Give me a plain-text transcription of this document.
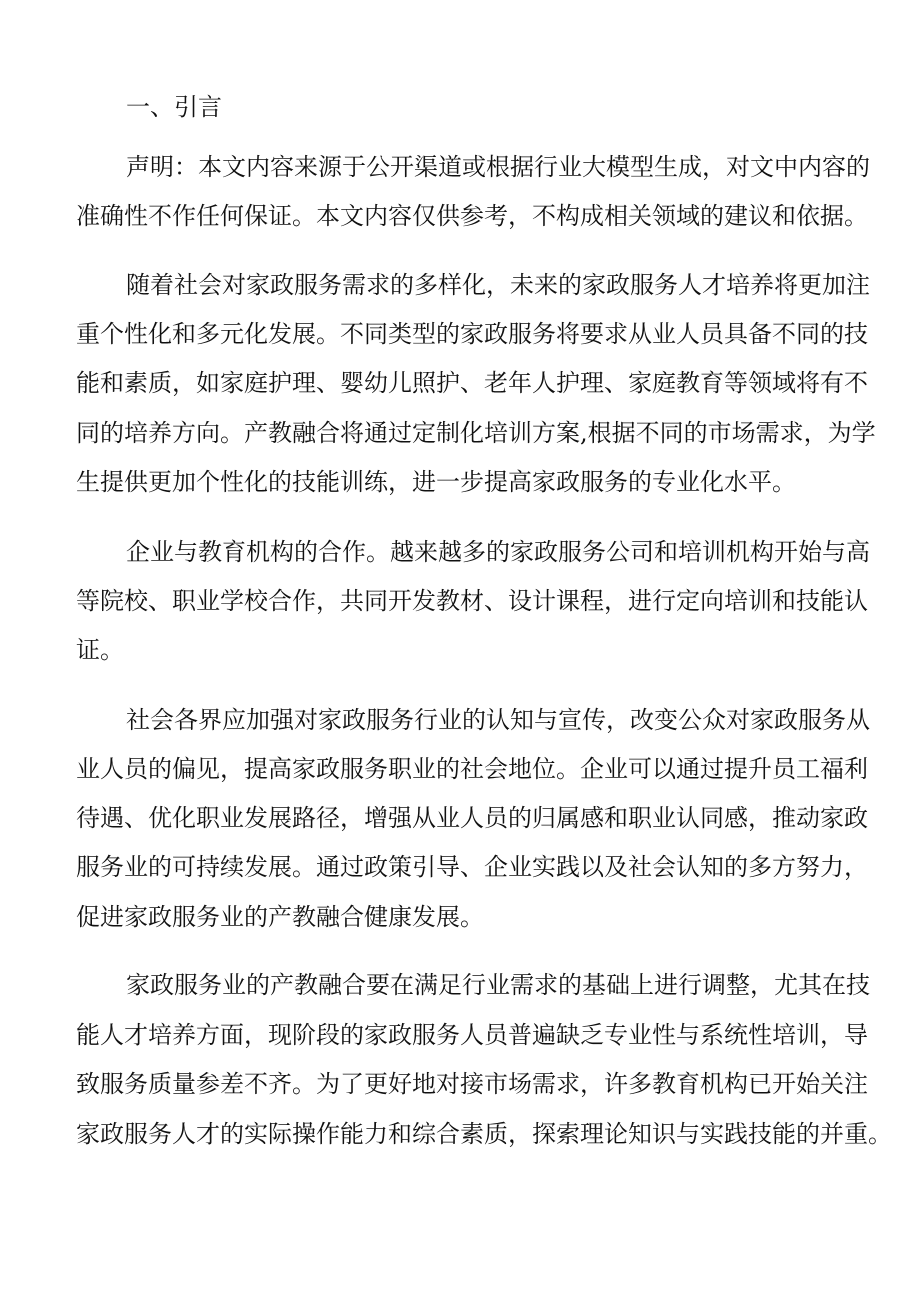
一、引言

声明：本文内容来源于公开渠道或根据行业大模型生成，对文中内容的

准确性不作任何保证。本文内容仅供参考，不构成相关领域的建议和依据。

随着社会对家政服务需求的多样化，未来的家政服务人才培养将更加注

重个性化和多元化发展。不同类型的家政服务将要求从业人员具备不同的技

能和素质，如家庭护理、婴幼儿照护、老年人护理、家庭教育等领域将有不

同的培养方向。产教融合将通过定制化培训方案,根据不同的市场需求，为学

生提供更加个性化的技能训练，进一步提高家政服务的专业化水平。

企业与教育机构的合作。越来越多的家政服务公司和培训机构开始与高

等院校、职业学校合作，共同开发教材、设计课程，进行定向培训和技能认

证。

社会各界应加强对家政服务行业的认知与宣传，改变公众对家政服务从

业人员的偏见，提高家政服务职业的社会地位。企业可以通过提升员工福利

待遇、优化职业发展路径，增强从业人员的归属感和职业认同感，推动家政

服务业的可持续发展。通过政策引导、企业实践以及社会认知的多方努力，

促进家政服务业的产教融合健康发展。

家政服务业的产教融合要在满足行业需求的基础上进行调整，尤其在技

能人才培养方面，现阶段的家政服务人员普遍缺乏专业性与系统性培训，导

致服务质量参差不齐。为了更好地对接市场需求，许多教育机构已开始关注

家政服务人才的实际操作能力和综合素质，探索理论知识与实践技能的并重。
